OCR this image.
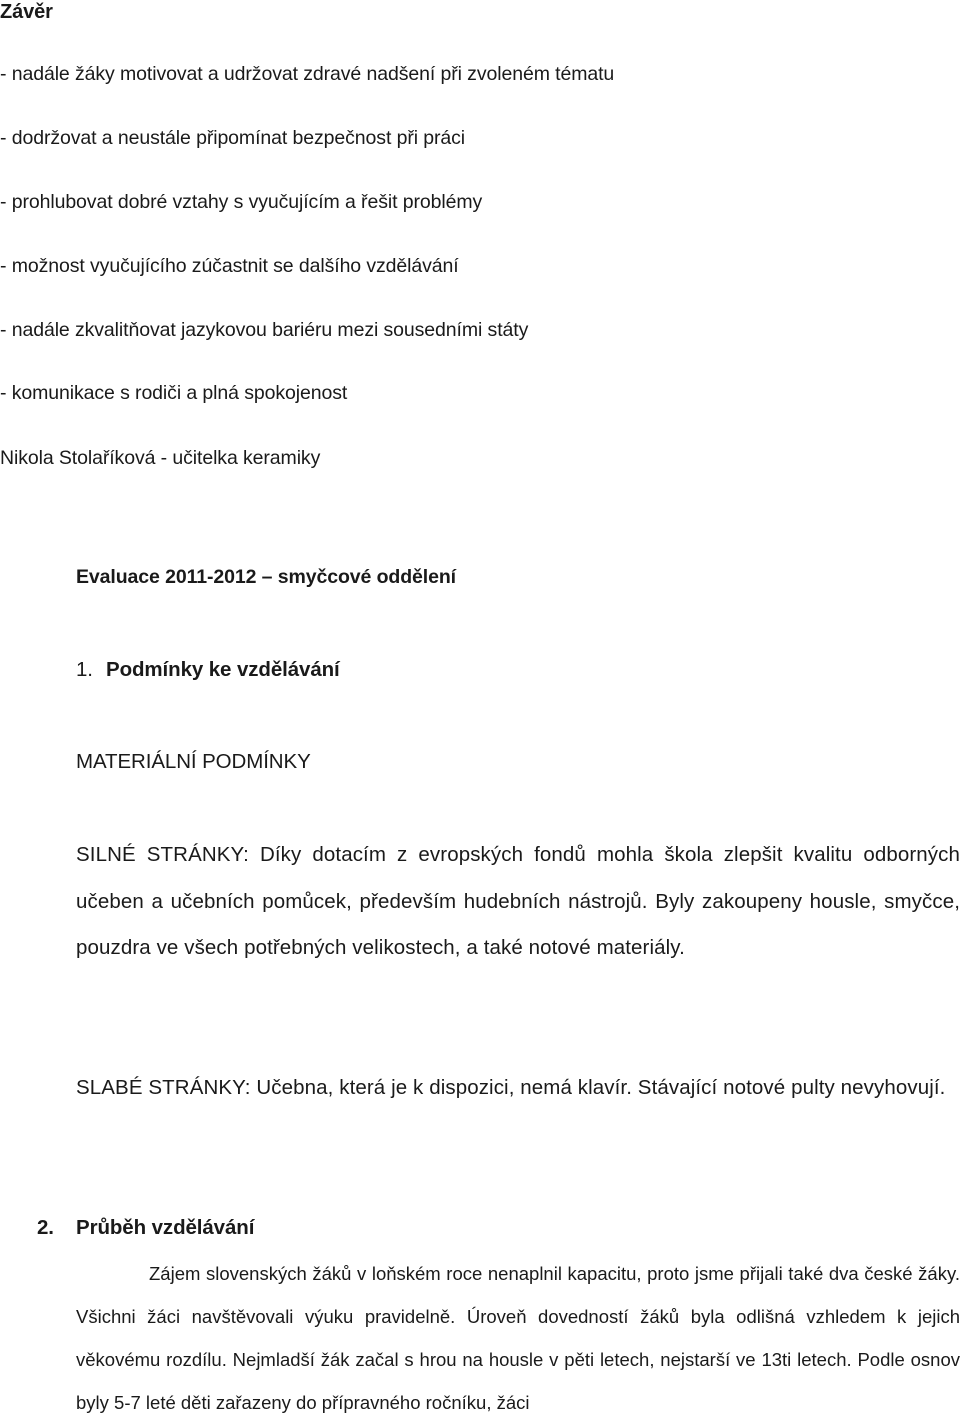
Závěr
- nadále žáky motivovat a udržovat zdravé nadšení při zvoleném tématu
- dodržovat a neustále připomínat bezpečnost při práci
- prohlubovat dobré vztahy s vyučujícím a řešit problémy
- možnost vyučujícího zúčastnit se dalšího vzdělávání
- nadále zkvalitňovat jazykovou bariéru mezi sousedními státy
- komunikace s rodiči a plná spokojenost
Nikola Stolaříková - učitelka keramiky
Evaluace 2011-2012 – smyčcové oddělení
1. Podmínky ke vzdělávání
MATERIÁLNÍ PODMÍNKY
SILNÉ STRÁNKY: Díky dotacím z evropských fondů mohla škola zlepšit kvalitu odborných učeben a učebních pomůcek, především hudebních nástrojů. Byly zakoupeny housle, smyčce, pouzdra ve všech potřebných velikostech, a také notové materiály.
SLABÉ STRÁNKY: Učebna, která je k dispozici, nemá klavír. Stávající notové pulty nevyhovují.
2. Průběh vzdělávání
Zájem slovenských žáků v loňském roce nenaplnil kapacitu, proto jsme přijali také dva české žáky. Všichni žáci navštěvovali výuku pravidelně. Úroveň dovedností žáků byla odlišná vzhledem k jejich věkovému rozdílu. Nejmladší žák začal s hrou na housle v pěti letech, nejstarší ve 13ti letech. Podle osnov byly 5-7 leté děti zařazeny do přípravného ročníku, žáci
